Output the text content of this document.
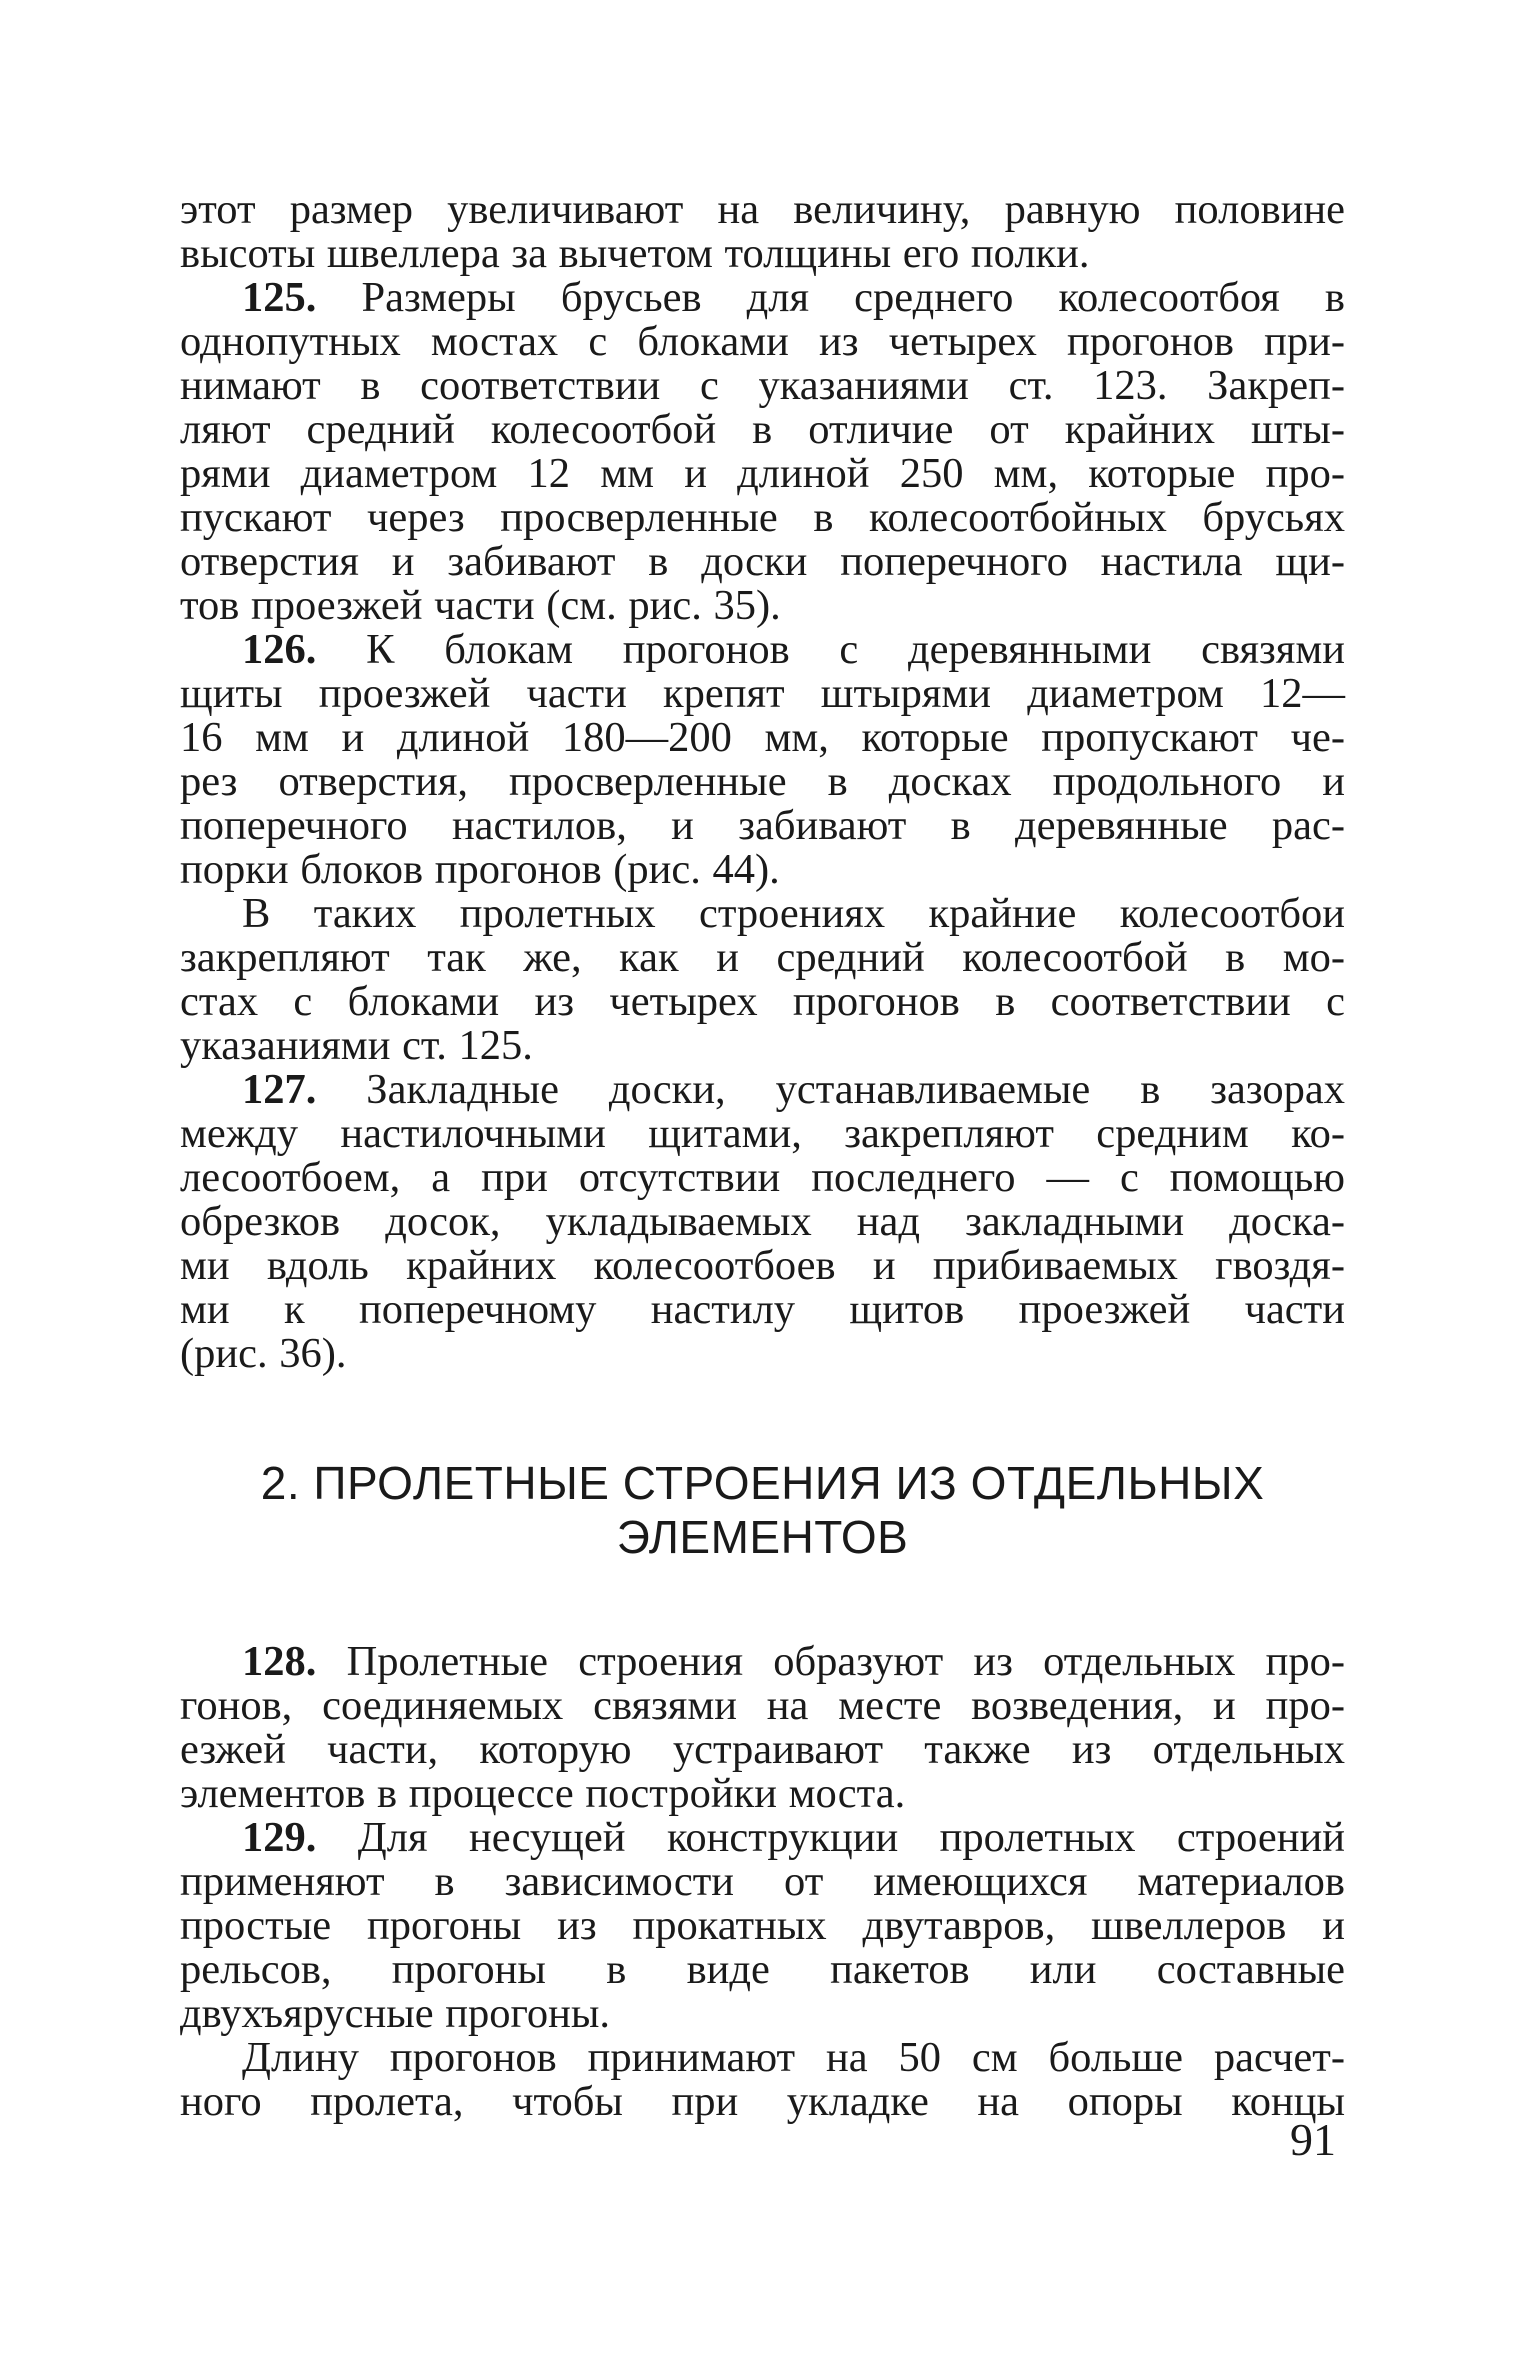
этот размер увеличивают на величину, равную половине

высоты швеллера за вычетом толщины его полки.

125. Размеры брусьев для среднего колесоотбоя в

однопутных мостах с блоками из четырех прогонов при-

нимают в соответствии с указаниями ст. 123. Закреп-

ляют средний колесоотбой в отличие от крайних шты-

рями диаметром 12 мм и длиной 250 мм, которые про-

пускают через просверленные в колесоотбойных брусьях

отверстия и забивают в доски поперечного настила щи-

тов проезжей части (см. рис. 35).

126. К блокам прогонов с деревянными связями

щиты проезжей части крепят штырями диаметром 12—

16 мм и длиной 180—200 мм, которые пропускают че-

рез отверстия, просверленные в досках продольного и

поперечного настилов, и забивают в деревянные рас-

порки блоков прогонов (рис. 44).

В таких пролетных строениях крайние колесоотбои

закрепляют так же, как и средний колесоотбой в мо-

стах с блоками из четырех прогонов в соответствии с

указаниями ст. 125.

127. Закладные доски, устанавливаемые в зазорах

между настилочными щитами, закрепляют средним ко-

лесоотбоем, а при отсутствии последнего — с помощью

обрезков досок, укладываемых над закладными доска-

ми вдоль крайних колесоотбоев и прибиваемых гвоздя-

ми к поперечному настилу щитов проезжей части

(рис. 36).

2. ПРОЛЕТНЫЕ СТРОЕНИЯ ИЗ ОТДЕЛЬНЫХ
ЭЛЕМЕНТОВ

128. Пролетные строения образуют из отдельных про-

гонов, соединяемых связями на месте возведения, и про-

езжей части, которую устраивают также из отдельных

элементов в процессе постройки моста.

129. Для несущей конструкции пролетных строений

применяют в зависимости от имеющихся материалов

простые прогоны из прокатных двутавров, швеллеров и

рельсов, прогоны в виде пакетов или составные

двухъярусные прогоны.

Длину прогонов принимают на 50 см больше расчет-

ного пролета, чтобы при укладке на опоры концы

91
